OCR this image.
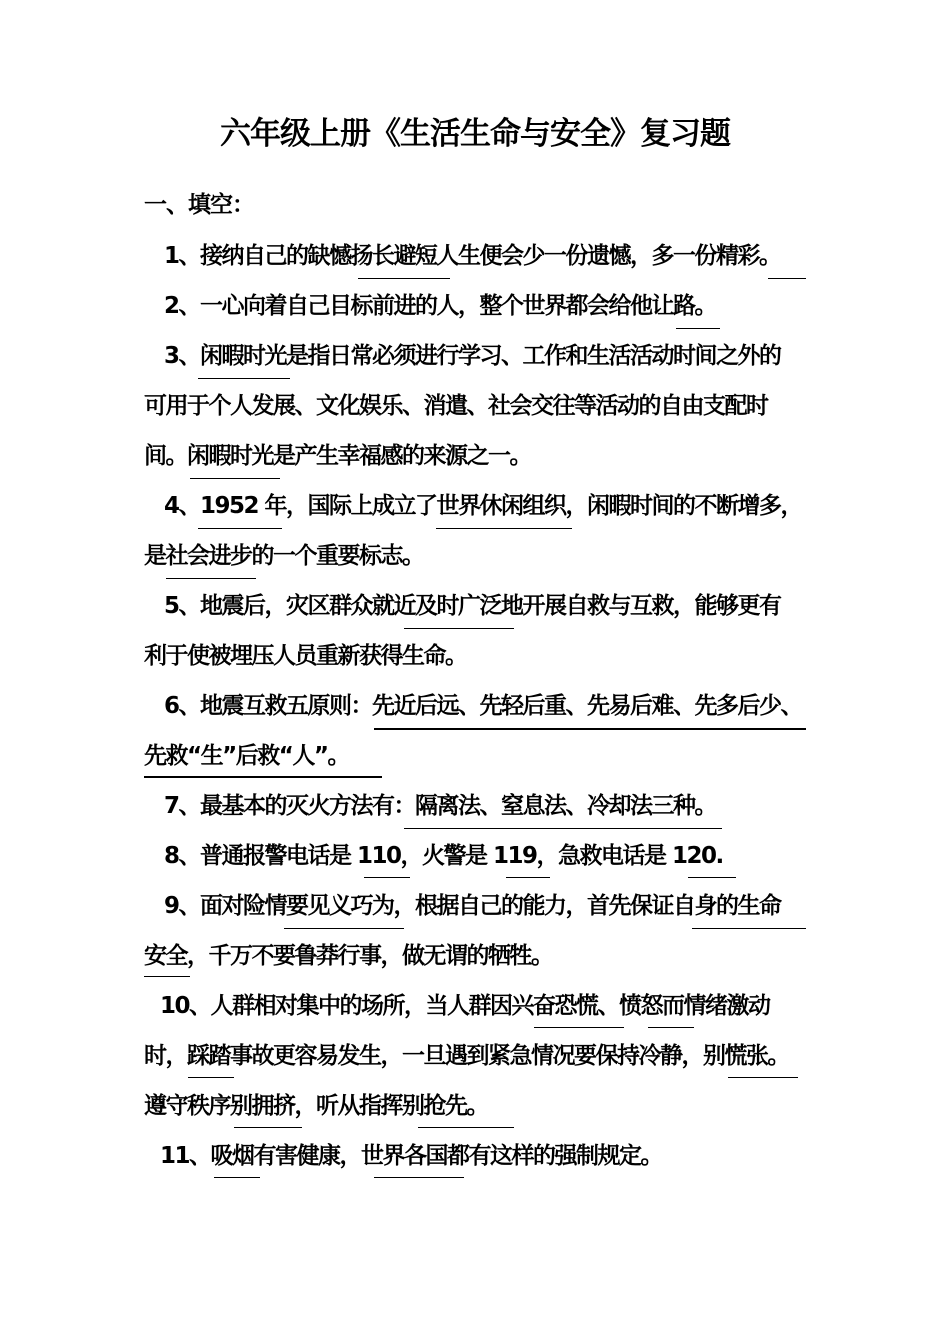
六年级上册《生活生命与安全》复习题
一、填空：
1、接纳自己的缺憾扬长避短人生便会少一份遗憾，多一份精彩。
2、一心向着自己目标前进的人，整个世界都会给他让路。
3、闲暇时光是指日常必须进行学习、工作和生活活动时间之外的
可用于个人发展、文化娱乐、消遣、社会交往等活动的自由支配时
间。闲暇时光是产生幸福感的来源之一。
4、1952 年，国际上成立了世界休闲组织，闲暇时间的不断增多，
是社会进步的一个重要标志。
5、地震后，灾区群众就近及时广泛地开展自救与互救，能够更有
利于使被埋压人员重新获得生命。
6、地震互救五原则：先近后远、先轻后重、先易后难、先多后少、
先救“生”后救“人”。
7、最基本的灭火方法有：隔离法、窒息法、冷却法三种。
8、普通报警电话是 110，火警是 119，急救电话是 120.
9、面对险情要见义巧为，根据自己的能力，首先保证自身的生命
安全，千万不要鲁莽行事，做无谓的牺牲。
10、人群相对集中的场所，当人群因兴奋恐慌、愤怒而情绪激动
时，踩踏事故更容易发生，一旦遇到紧急情况要保持冷静，别慌张。
遵守秩序别拥挤，听从指挥别抢先。
11、吸烟有害健康，世界各国都有这样的强制规定。
